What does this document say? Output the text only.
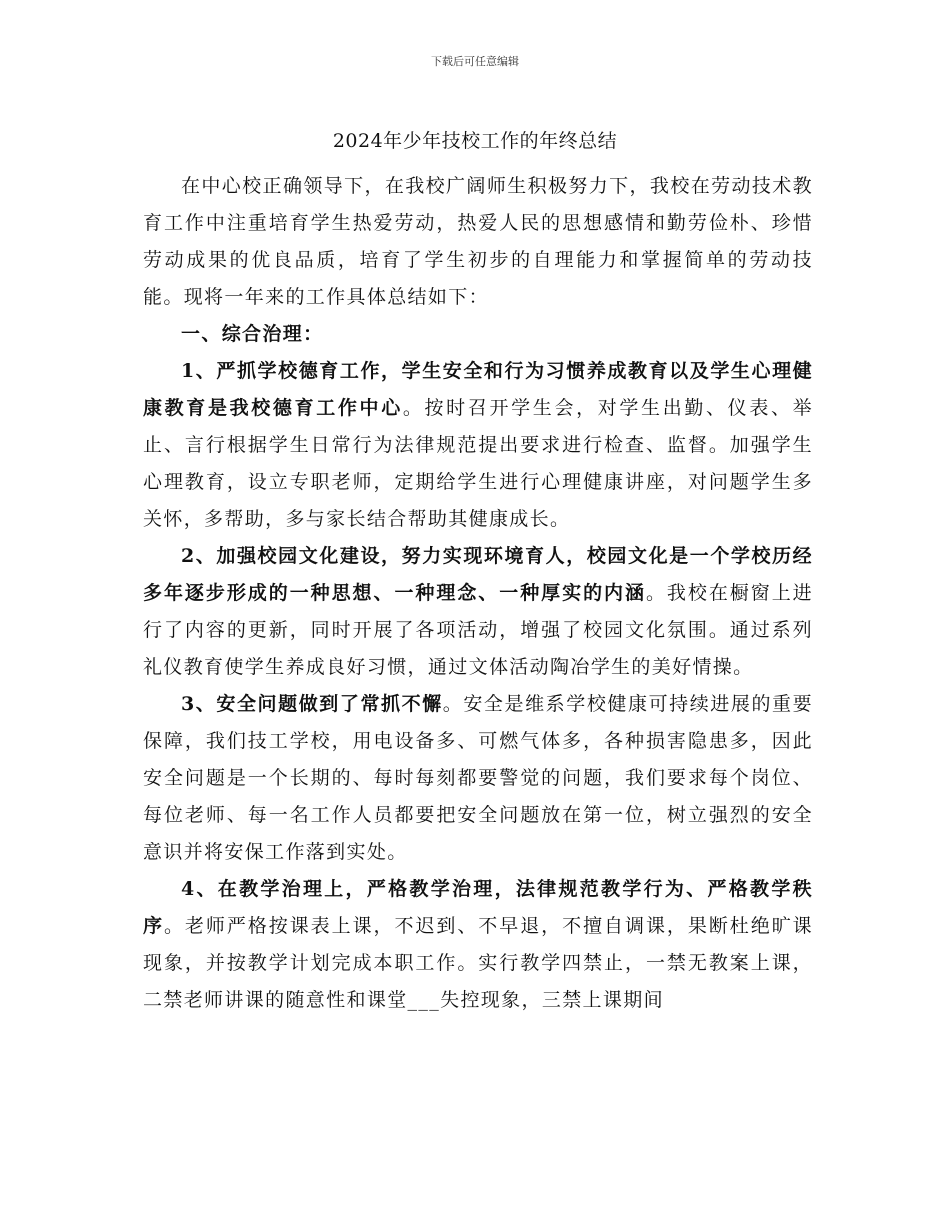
下载后可任意编辑
2024年少年技校工作的年终总结

在中心校正确领导下，在我校广阔师生积极努力下，我校在劳动技术教育工作中注重培育学生热爱劳动，热爱人民的思想感情和勤劳俭朴、珍惜劳动成果的优良品质，培育了学生初步的自理能力和掌握简单的劳动技能。现将一年来的工作具体总结如下：

一、综合治理：

1、严抓学校德育工作，学生安全和行为习惯养成教育以及学生心理健康教育是我校德育工作中心。按时召开学生会，对学生出勤、仪表、举止、言行根据学生日常行为法律规范提出要求进行检查、监督。加强学生心理教育，设立专职老师，定期给学生进行心理健康讲座，对问题学生多关怀，多帮助，多与家长结合帮助其健康成长。

2、加强校园文化建设，努力实现环境育人，校园文化是一个学校历经多年逐步形成的一种思想、一种理念、一种厚实的内涵。我校在橱窗上进行了内容的更新，同时开展了各项活动，增强了校园文化氛围。通过系列礼仪教育使学生养成良好习惯，通过文体活动陶冶学生的美好情操。

3、安全问题做到了常抓不懈。安全是维系学校健康可持续进展的重要保障，我们技工学校，用电设备多、可燃气体多，各种损害隐患多，因此安全问题是一个长期的、每时每刻都要警觉的问题，我们要求每个岗位、每位老师、每一名工作人员都要把安全问题放在第一位，树立强烈的安全意识并将安保工作落到实处。

4、在教学治理上，严格教学治理，法律规范教学行为、严格教学秩序。老师严格按课表上课，不迟到、不早退，不擅自调课，果断杜绝旷课现象，并按教学计划完成本职工作。实行教学四禁止，一禁无教案上课，二禁老师讲课的随意性和课堂___失控现象，三禁上课期间
